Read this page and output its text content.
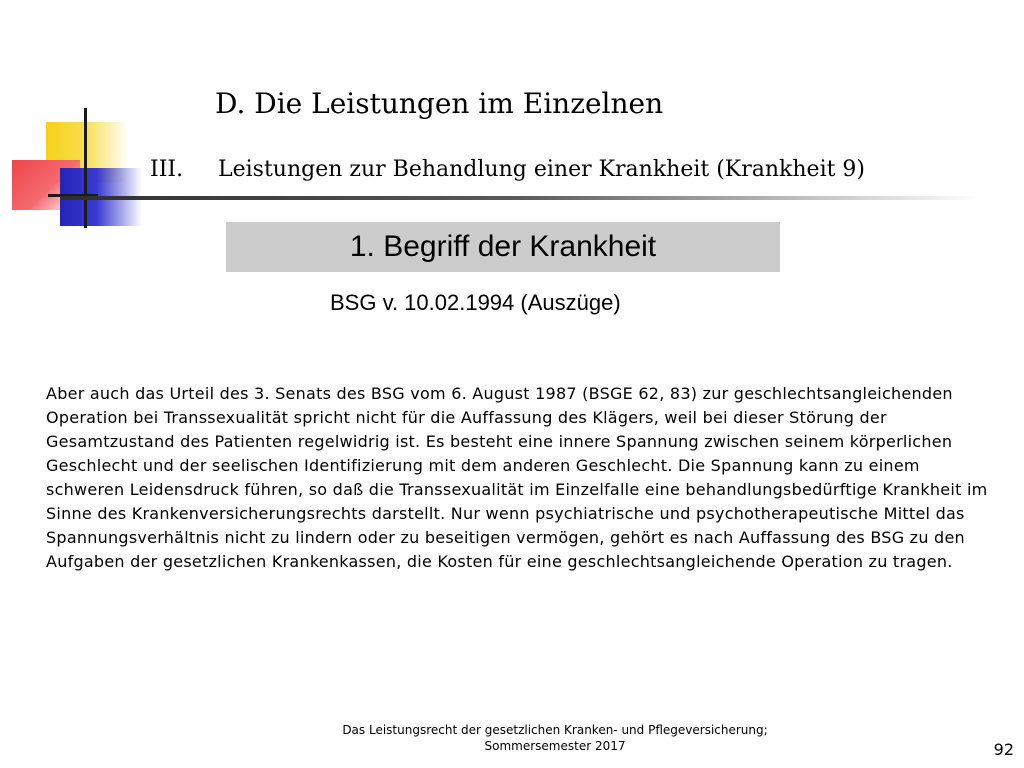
D. Die Leistungen im Einzelnen
III. Leistungen zur Behandlung einer Krankheit (Krankheit 9)
1. Begriff der Krankheit
BSG v. 10.02.1994 (Auszüge)

Aber auch das Urteil des 3. Senats des BSG vom 6. August 1987 (BSGE 62, 83) zur geschlechtsangleichenden Operation bei Transsexualität spricht nicht für die Auffassung des Klägers, weil bei dieser Störung der Gesamtzustand des Patienten regelwidrig ist. Es besteht eine innere Spannung zwischen seinem körperlichen Geschlecht und der seelischen Identifizierung mit dem anderen Geschlecht. Die Spannung kann zu einem schweren Leidensdruck führen, so daß die Transsexualität im Einzelfalle eine behandlungsbedürftige Krankheit im Sinne des Krankenversicherungsrechts darstellt. Nur wenn psychiatrische und psychotherapeutische Mittel das Spannungsverhältnis nicht zu lindern oder zu beseitigen vermögen, gehört es nach Auffassung des BSG zu den Aufgaben der gesetzlichen Krankenkassen, die Kosten für eine geschlechtsangleichende Operation zu tragen.

Das Leistungsrecht der gesetzlichen Kranken- und Pflegeversicherung;
Sommersemester 2017	92
